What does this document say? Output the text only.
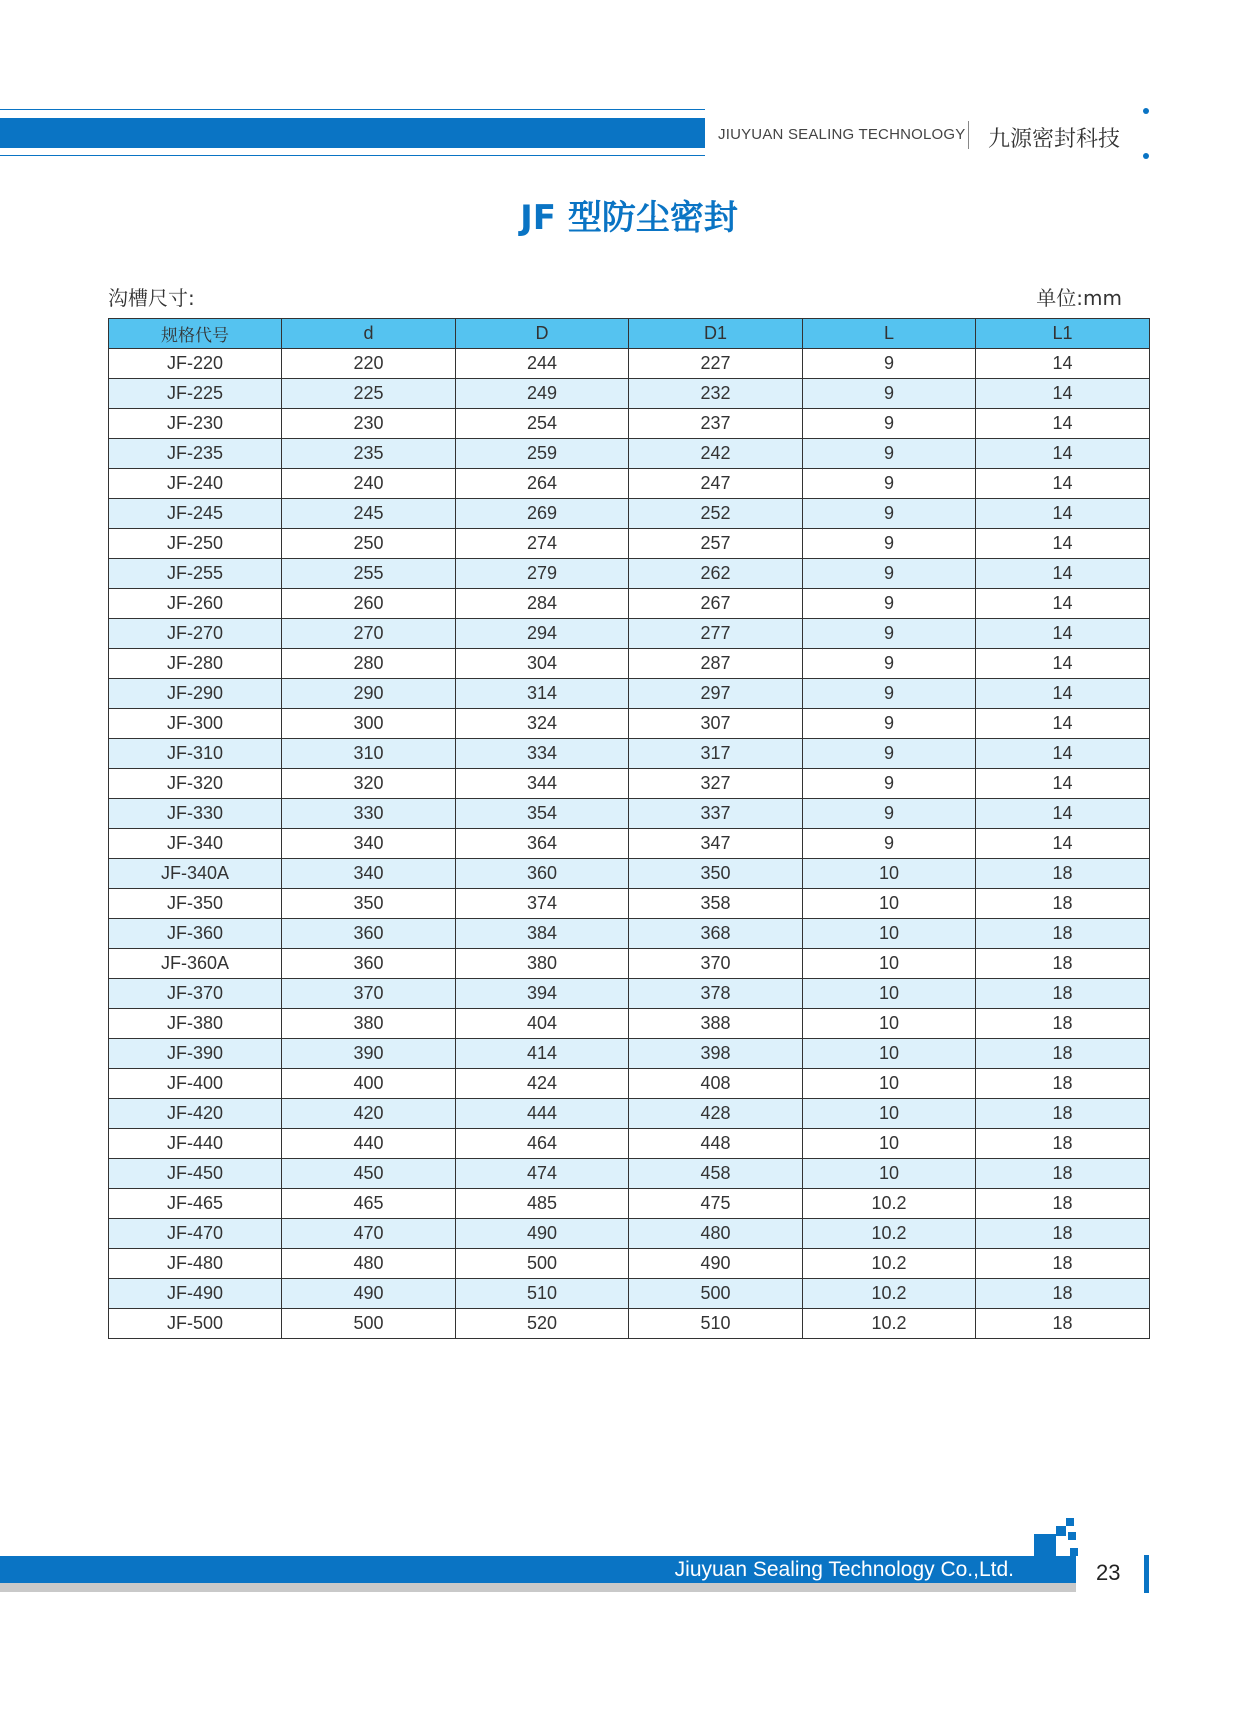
JIUYUAN SEALING TECHNOLOGY 九源密封科技
JF 型防尘密封
沟槽尺寸:	单位:mm
规格代号	d	D	D1	L	L1
JF-220	220	244	227	9	14
JF-225	225	249	232	9	14
JF-230	230	254	237	9	14
JF-235	235	259	242	9	14
JF-240	240	264	247	9	14
JF-245	245	269	252	9	14
JF-250	250	274	257	9	14
JF-255	255	279	262	9	14
JF-260	260	284	267	9	14
JF-270	270	294	277	9	14
JF-280	280	304	287	9	14
JF-290	290	314	297	9	14
JF-300	300	324	307	9	14
JF-310	310	334	317	9	14
JF-320	320	344	327	9	14
JF-330	330	354	337	9	14
JF-340	340	364	347	9	14
JF-340A	340	360	350	10	18
JF-350	350	374	358	10	18
JF-360	360	384	368	10	18
JF-360A	360	380	370	10	18
JF-370	370	394	378	10	18
JF-380	380	404	388	10	18
JF-390	390	414	398	10	18
JF-400	400	424	408	10	18
JF-420	420	444	428	10	18
JF-440	440	464	448	10	18
JF-450	450	474	458	10	18
JF-465	465	485	475	10.2	18
JF-470	470	490	480	10.2	18
JF-480	480	500	490	10.2	18
JF-490	490	510	500	10.2	18
JF-500	500	520	510	10.2	18
Jiuyuan Sealing Technology Co.,Ltd.	23
